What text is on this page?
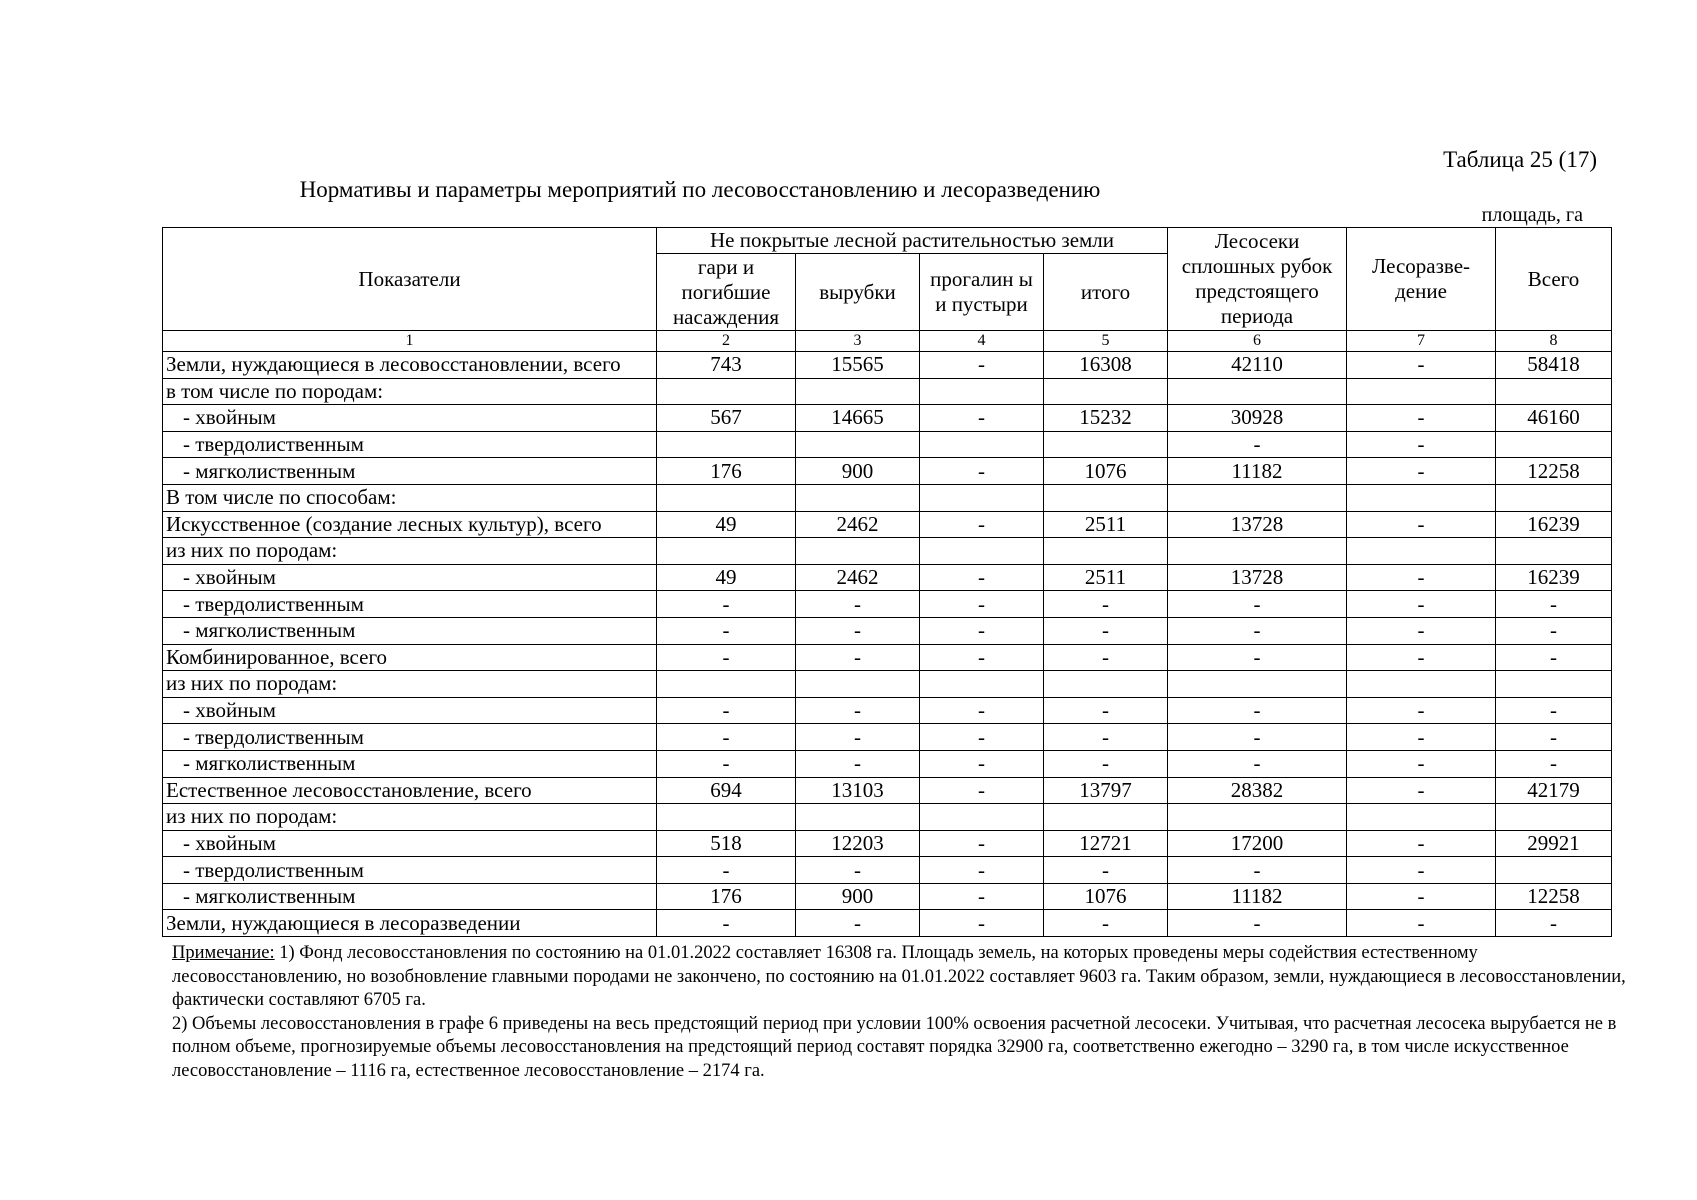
Таблица 25 (17)
Нормативы и параметры мероприятий по лесовосстановлению и лесоразведению
площадь, га
Показатели	Не покрытые лесной растительностью земли				Лесосеки сплошных рубок предстоящего периода	Лесоразве-дение	Всего
	гари и погибшие насаждения	вырубки	прогалин ы и пустыри	итого			
1	2	3	4	5	6	7	8
Земли, нуждающиеся в лесовосстановлении, всего	743	15565	-	16308	42110	-	58418
в том числе по породам:							
- хвойным	567	14665	-	15232	30928	-	46160
- твердолиственным					-	-	
- мягколиственным	176	900	-	1076	11182	-	12258
В том числе по способам:							
Искусственное (создание лесных культур), всего	49	2462	-	2511	13728	-	16239
из них по породам:							
- хвойным	49	2462	-	2511	13728	-	16239
- твердолиственным	-	-	-	-	-	-	-
- мягколиственным	-	-	-	-	-	-	-
Комбинированное, всего	-	-	-	-	-	-	-
из них по породам:							
- хвойным	-	-	-	-	-	-	-
- твердолиственным	-	-	-	-	-	-	-
- мягколиственным	-	-	-	-	-	-	-
Естественное лесовосстановление, всего	694	13103	-	13797	28382	-	42179
из них по породам:							
- хвойным	518	12203	-	12721	17200	-	29921
- твердолиственным	-	-	-	-	-	-	
- мягколиственным	176	900	-	1076	11182	-	12258
Земли, нуждающиеся в лесоразведении	-	-	-	-	-	-	-

Примечание: 1) Фонд лесовосстановления по состоянию на 01.01.2022 составляет 16308 га. Площадь земель, на которых проведены меры содействия естественному лесовосстановлению, но возобновление главными породами не закончено, по состоянию на 01.01.2022 составляет 9603 га. Таким образом, земли, нуждающиеся в лесовосстановлении, фактически составляют 6705 га.

2) Объемы лесовосстановления в графе 6 приведены на весь предстоящий период при условии 100% освоения расчетной лесосеки. Учитывая, что расчетная лесосека вырубается не в полном объеме, прогнозируемые объемы лесовосстановления на предстоящий период составят порядка 32900 га, соответственно ежегодно – 3290 га, в том числе искусственное лесовосстановление – 1116 га, естественное лесовосстановление – 2174 га.
